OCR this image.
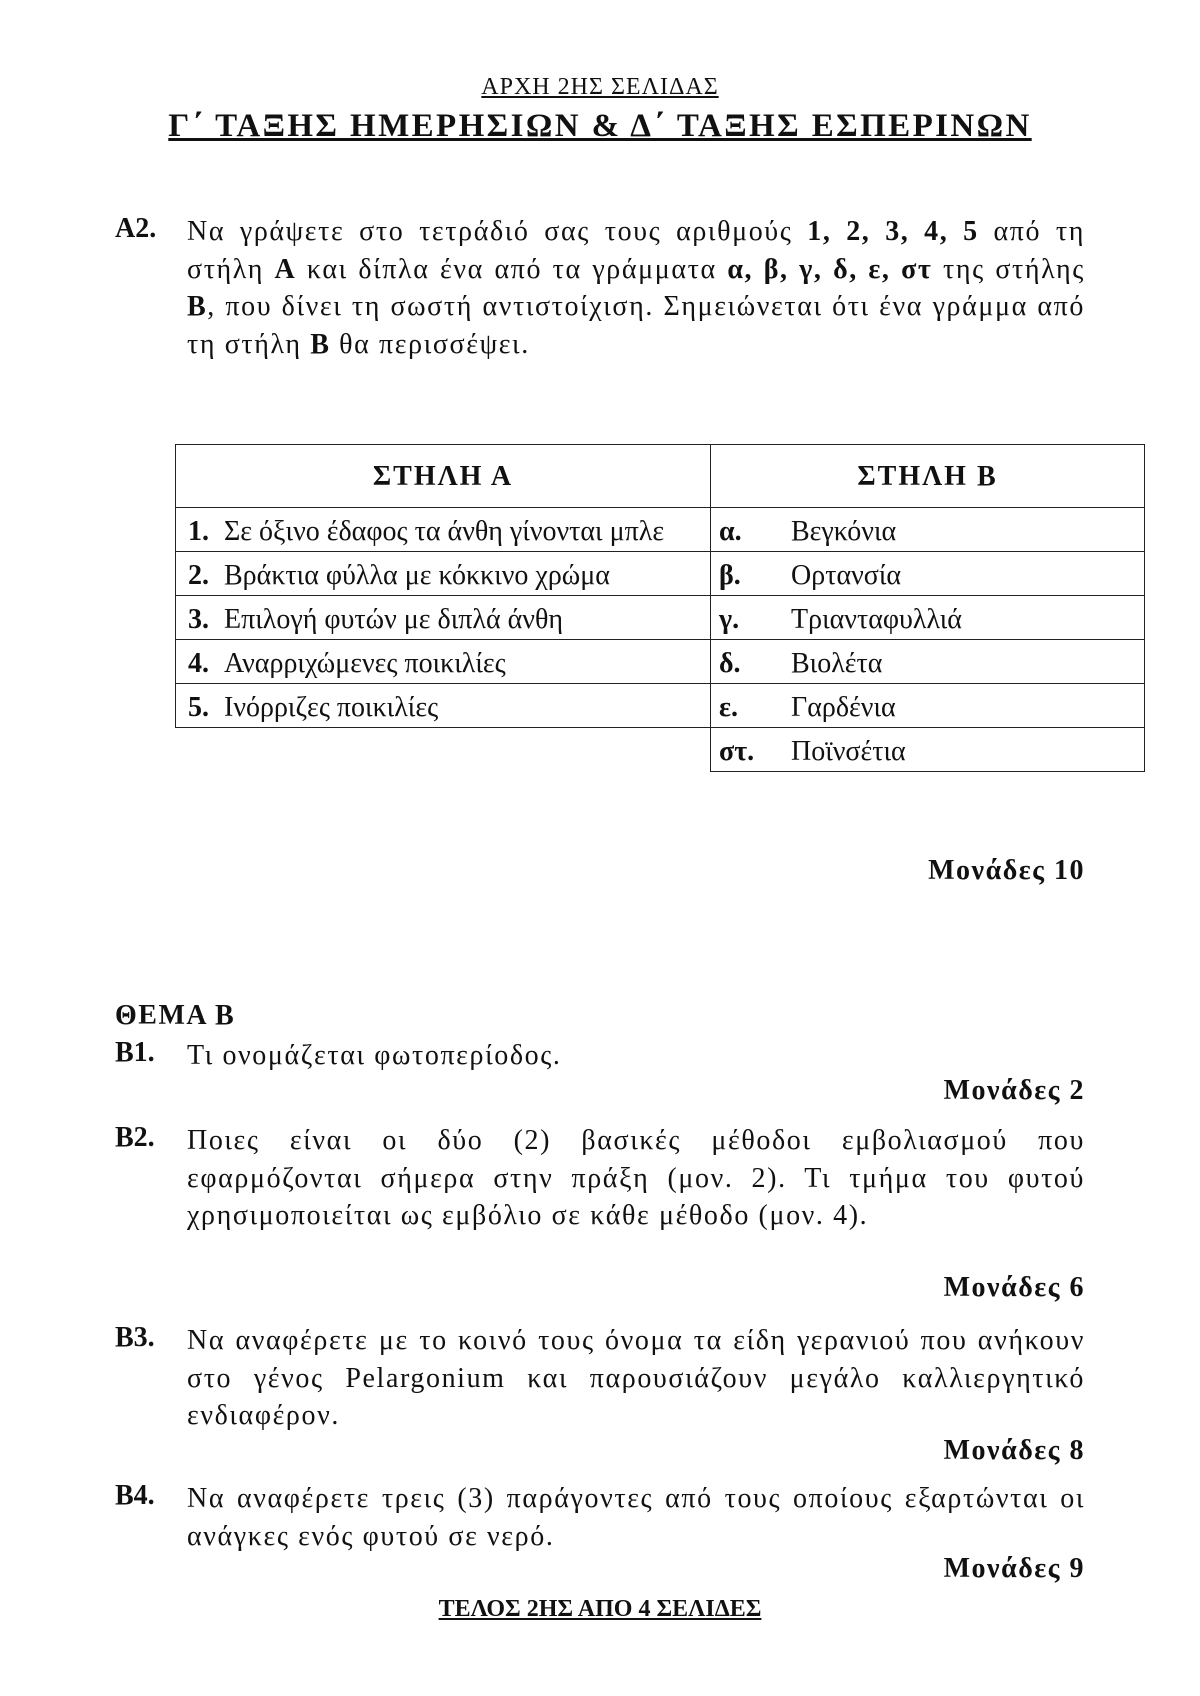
ΑΡΧΗ 2ΗΣ ΣΕΛΙΔΑΣ
Γ΄ ΤΑΞΗΣ ΗΜΕΡΗΣΙΩΝ & Δ΄ ΤΑΞΗΣ ΕΣΠΕΡΙΝΩΝ
Α2. Να γράψετε στο τετράδιό σας τους αριθμούς 1, 2, 3, 4, 5 από τη στήλη Α και δίπλα ένα από τα γράμματα α, β, γ, δ, ε, στ της στήλης Β, που δίνει τη σωστή αντιστοίχιση. Σημειώνεται ότι ένα γράμμα από τη στήλη Β θα περισσέψει.
ΣΤΗΛΗ Α	ΣΤΗΛΗ Β
1. Σε όξινο έδαφος τα άνθη γίνονται μπλε	α. Βεγκόνια
2. Βράκτια φύλλα με κόκκινο χρώμα	β. Ορτανσία
3. Επιλογή φυτών με διπλά άνθη	γ. Τριανταφυλλιά
4. Αναρριχώμενες ποικιλίες	δ. Βιολέτα
5. Ινόρριζες ποικιλίες	ε. Γαρδένια
	στ. Ποϊνσέτια
Μονάδες 10
ΘΕΜΑ Β
Β1. Τι ονομάζεται φωτοπερίοδος.
Μονάδες 2
Β2. Ποιες είναι οι δύο (2) βασικές μέθοδοι εμβολιασμού που εφαρμόζονται σήμερα στην πράξη (μον. 2). Τι τμήμα του φυτού χρησιμοποιείται ως εμβόλιο σε κάθε μέθοδο (μον. 4).
Μονάδες 6
Β3. Να αναφέρετε με το κοινό τους όνομα τα είδη γερανιού που ανήκουν στο γένος Pelargonium και παρουσιάζουν μεγάλο καλλιεργητικό ενδιαφέρον.
Μονάδες 8
Β4. Να αναφέρετε τρεις (3) παράγοντες από τους οποίους εξαρτώνται οι ανάγκες ενός φυτού σε νερό.
Μονάδες 9
ΤΕΛΟΣ 2ΗΣ ΑΠΟ 4 ΣΕΛΙΔΕΣ
